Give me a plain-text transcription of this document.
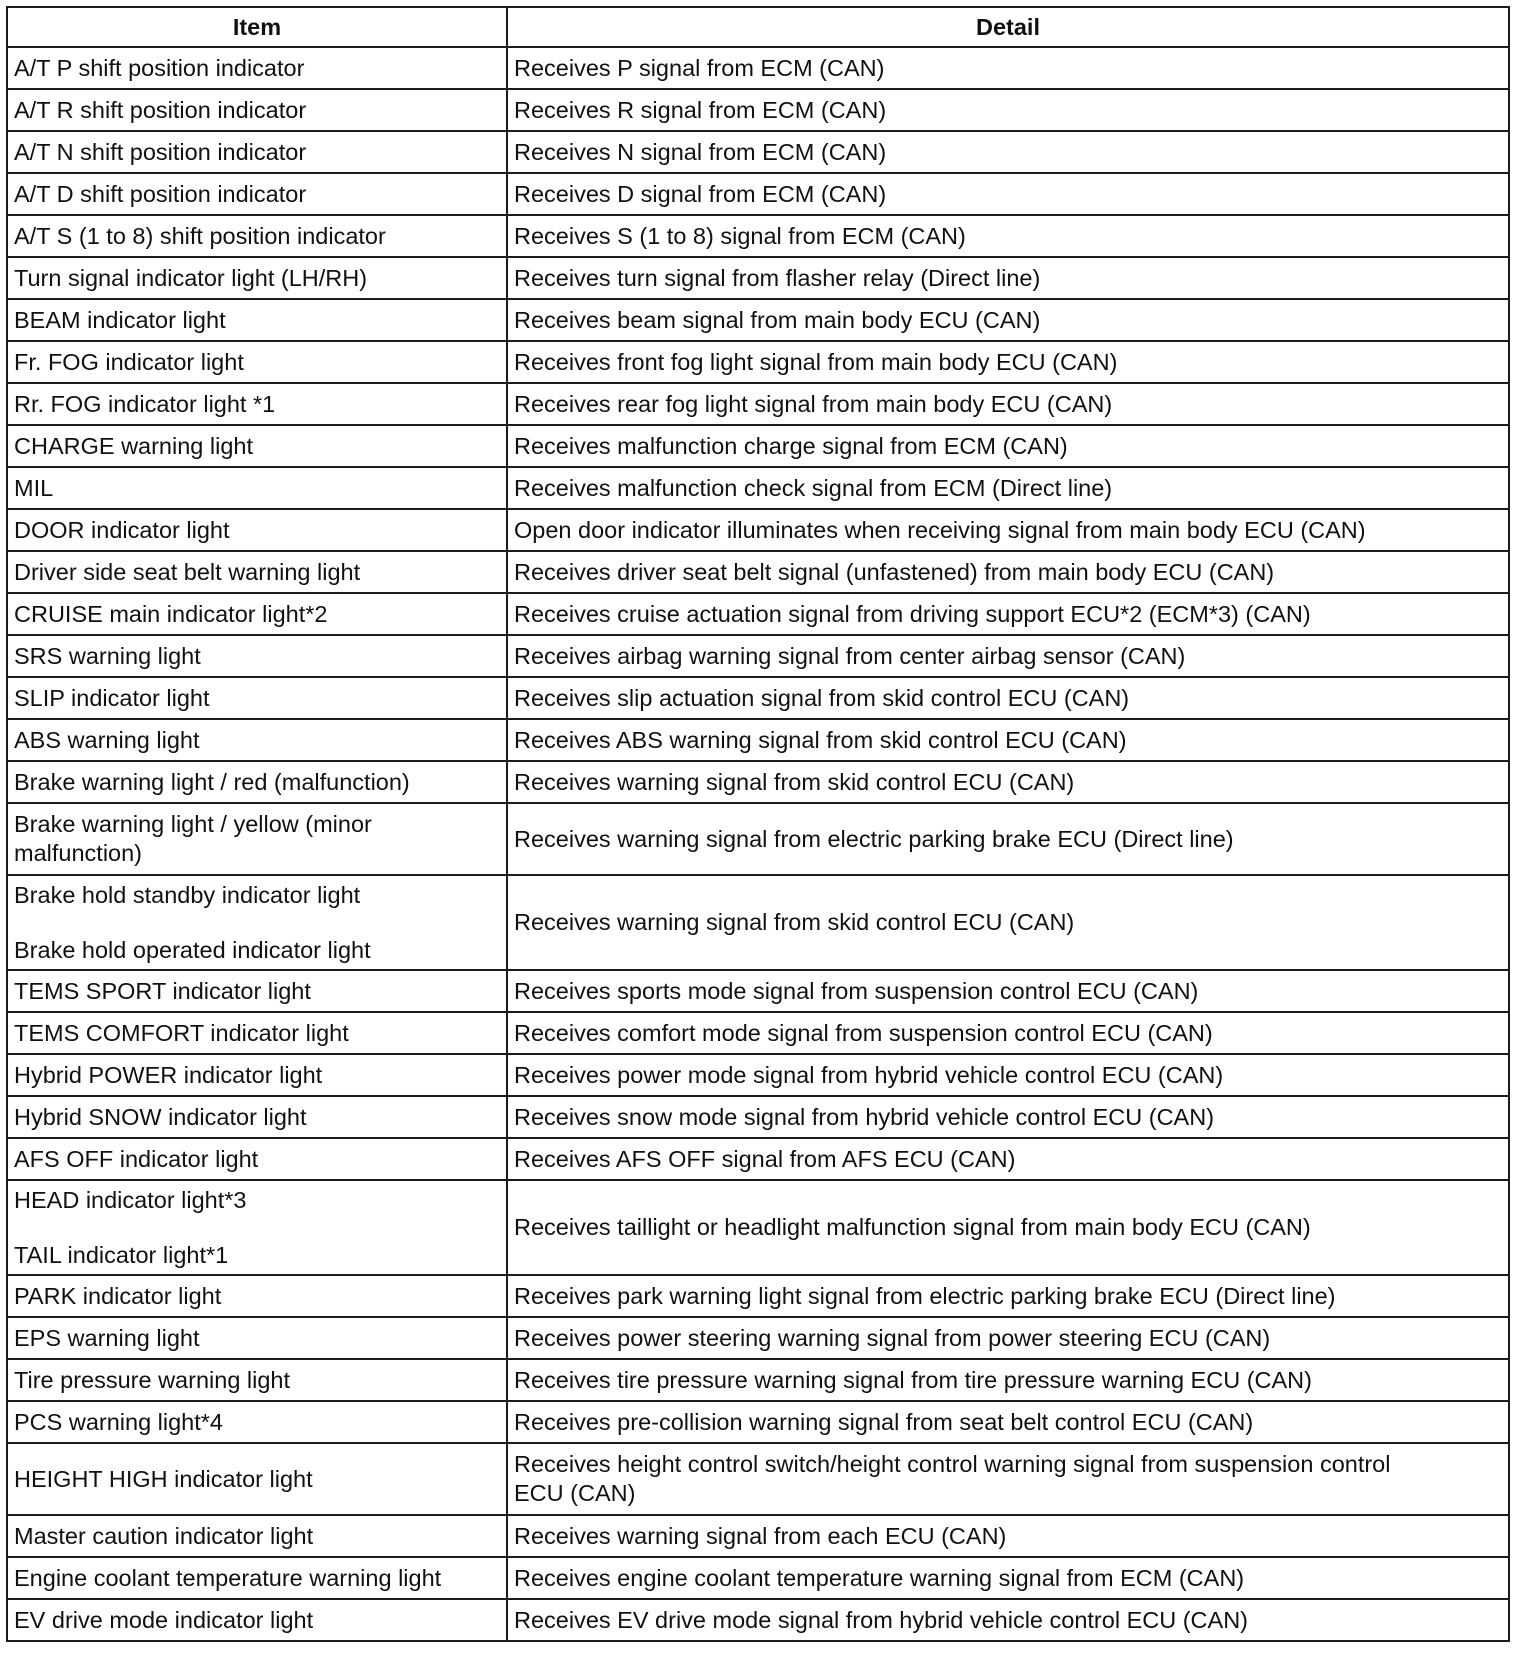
Item	Detail
A/T P shift position indicator	Receives P signal from ECM (CAN)
A/T R shift position indicator	Receives R signal from ECM (CAN)
A/T N shift position indicator	Receives N signal from ECM (CAN)
A/T D shift position indicator	Receives D signal from ECM (CAN)
A/T S (1 to 8) shift position indicator	Receives S (1 to 8) signal from ECM (CAN)
Turn signal indicator light (LH/RH)	Receives turn signal from flasher relay (Direct line)
BEAM indicator light	Receives beam signal from main body ECU (CAN)
Fr. FOG indicator light	Receives front fog light signal from main body ECU (CAN)
Rr. FOG indicator light *1	Receives rear fog light signal from main body ECU (CAN)
CHARGE warning light	Receives malfunction charge signal from ECM (CAN)
MIL	Receives malfunction check signal from ECM (Direct line)
DOOR indicator light	Open door indicator illuminates when receiving signal from main body ECU (CAN)
Driver side seat belt warning light	Receives driver seat belt signal (unfastened) from main body ECU (CAN)
CRUISE main indicator light*2	Receives cruise actuation signal from driving support ECU*2 (ECM*3) (CAN)
SRS warning light	Receives airbag warning signal from center airbag sensor (CAN)
SLIP indicator light	Receives slip actuation signal from skid control ECU (CAN)
ABS warning light	Receives ABS warning signal from skid control ECU (CAN)
Brake warning light / red (malfunction)	Receives warning signal from skid control ECU (CAN)

Brake warning light / yellow (minor
malfunction)	Receives warning signal from electric parking brake ECU (Direct line)

Brake hold standby indicator light
Brake hold operated indicator light	Receives warning signal from skid control ECU (CAN)
TEMS SPORT indicator light	Receives sports mode signal from suspension control ECU (CAN)
TEMS COMFORT indicator light	Receives comfort mode signal from suspension control ECU (CAN)
Hybrid POWER indicator light	Receives power mode signal from hybrid vehicle control ECU (CAN)
Hybrid SNOW indicator light	Receives snow mode signal from hybrid vehicle control ECU (CAN)
AFS OFF indicator light	Receives AFS OFF signal from AFS ECU (CAN)

HEAD indicator light*3
TAIL indicator light*1	Receives taillight or headlight malfunction signal from main body ECU (CAN)
PARK indicator light	Receives park warning light signal from electric parking brake ECU (Direct line)
EPS warning light	Receives power steering warning signal from power steering ECU (CAN)
Tire pressure warning light	Receives tire pressure warning signal from tire pressure warning ECU (CAN)
PCS warning light*4	Receives pre-collision warning signal from seat belt control ECU (CAN)
HEIGHT HIGH indicator light	Receives height control switch/height control warning signal from suspension control
ECU (CAN)

Master caution indicator light	Receives warning signal from each ECU (CAN)
Engine coolant temperature warning light	Receives engine coolant temperature warning signal from ECM (CAN)
EV drive mode indicator light	Receives EV drive mode signal from hybrid vehicle control ECU (CAN)
